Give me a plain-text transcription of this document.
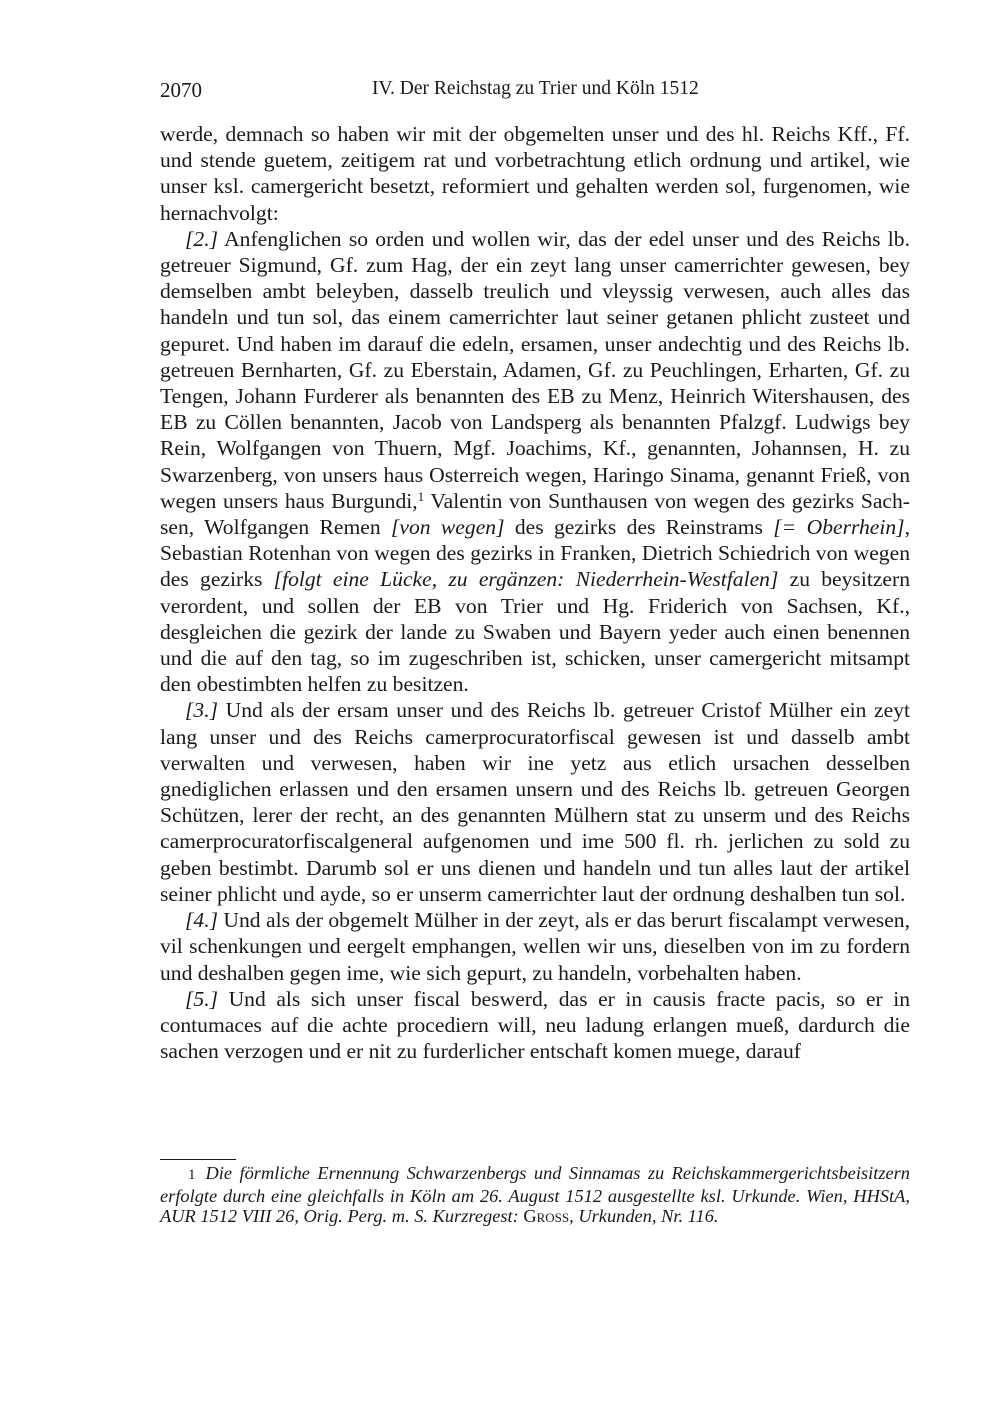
2070	IV. Der Reichstag zu Trier und Köln 1512

werde, demnach so haben wir mit der obgemelten unser und des hl. Reichs Kff., Ff. und stende guetem, zeitigem rat und vorbetrachtung etlich ordnung und artikel, wie unser ksl. camergericht besetzt, reformiert und gehalten werden sol, furgenomen, wie hernachvolgt:

[2.] Anfenglichen so orden und wollen wir, das der edel unser und des Reichs lb. getreuer Sigmund, Gf. zum Hag, der ein zeyt lang unser camerrichter gewesen, bey demselben ambt beleyben, dasselb treulich und vleyssig verwesen, auch alles das handeln und tun sol, das einem camerrichter laut seiner getanen phlicht zusteet und gepuret. Und haben im darauf die edeln, ersamen, unser andechtig und des Reichs lb. getreuen Bernharten, Gf. zu Eberstain, Adamen, Gf. zu Peuchlingen, Erharten, Gf. zu Tengen, Johann Furderer als benannten des EB zu Menz, Heinrich Witershausen, des EB zu Cöllen benannten, Jacob von Landsperg als benannten Pfalzgf. Ludwigs bey Rein, Wolfgangen von Thuern, Mgf. Joachims, Kf., genannten, Johannsen, H. zu Swarzenberg, von unsers haus Osterreich wegen, Haringo Sinama, genannt Frieß, von wegen unsers haus Burgundi,$^1$ Valentin von Sunthausen von wegen des gezirks Sachsen, Wolfgangen Remen [von wegen] des gezirks des Reinstrams [= Oberrhein], Sebastian Rotenhan von wegen des gezirks in Franken, Dietrich Schiedrich von wegen des gezirks [folgt eine Lücke, zu ergänzen: Niederrhein-Westfalen] zu beysitzern verordent, und sollen der EB von Trier und Hg. Friderich von Sachsen, Kf., desgleichen die gezirk der lande zu Swaben und Bayern yeder auch einen benennen und die auf den tag, so im zugeschriben ist, schicken, unser camergericht mitsampt den obestimbten helfen zu besitzen.

[3.] Und als der ersam unser und des Reichs lb. getreuer Cristof Mülher ein zeyt lang unser und des Reichs camerprocuratorfiscal gewesen ist und dasselb ambt verwalten und verwesen, haben wir ine yetz aus etlich ursachen desselben gnediglichen erlassen und den ersamen unsern und des Reichs lb. getreuen Georgen Schützen, lerer der recht, an des genannten Mülhern stat zu unserm und des Reichs camerprocuratorfiscalgeneral aufgenomen und ime 500 fl. rh. jerlichen zu sold zu geben bestimbt. Darumb sol er uns dienen und handeln und tun alles laut der artikel seiner phlicht und ayde, so er unserm camerrichter laut der ordnung deshalben tun sol.

[4.] Und als der obgemelt Mülher in der zeyt, als er das berurt fiscalampt verwesen, vil schenkungen und eergelt emphangen, wellen wir uns, dieselben von im zu fordern und deshalben gegen ime, wie sich gepurt, zu handeln, vorbehalten haben.

[5.] Und als sich unser fiscal beswerd, das er in causis fracte pacis, so er in contumaces auf die achte procediern will, neu ladung erlangen mueß, dardurch die sachen verzogen und er nit zu furderlicher entschaft komen muege, darauf

1 Die förmliche Ernennung Schwarzenbergs und Sinnamas zu Reichskammergerichtsbeisitzern erfolgte durch eine gleichfalls in Köln am 26. August 1512 ausgestellte ksl. Urkunde. Wien, HHStA, AUR 1512 VIII 26, Orig. Perg. m. S. Kurzregest: Gross, Urkunden, Nr. 116.
